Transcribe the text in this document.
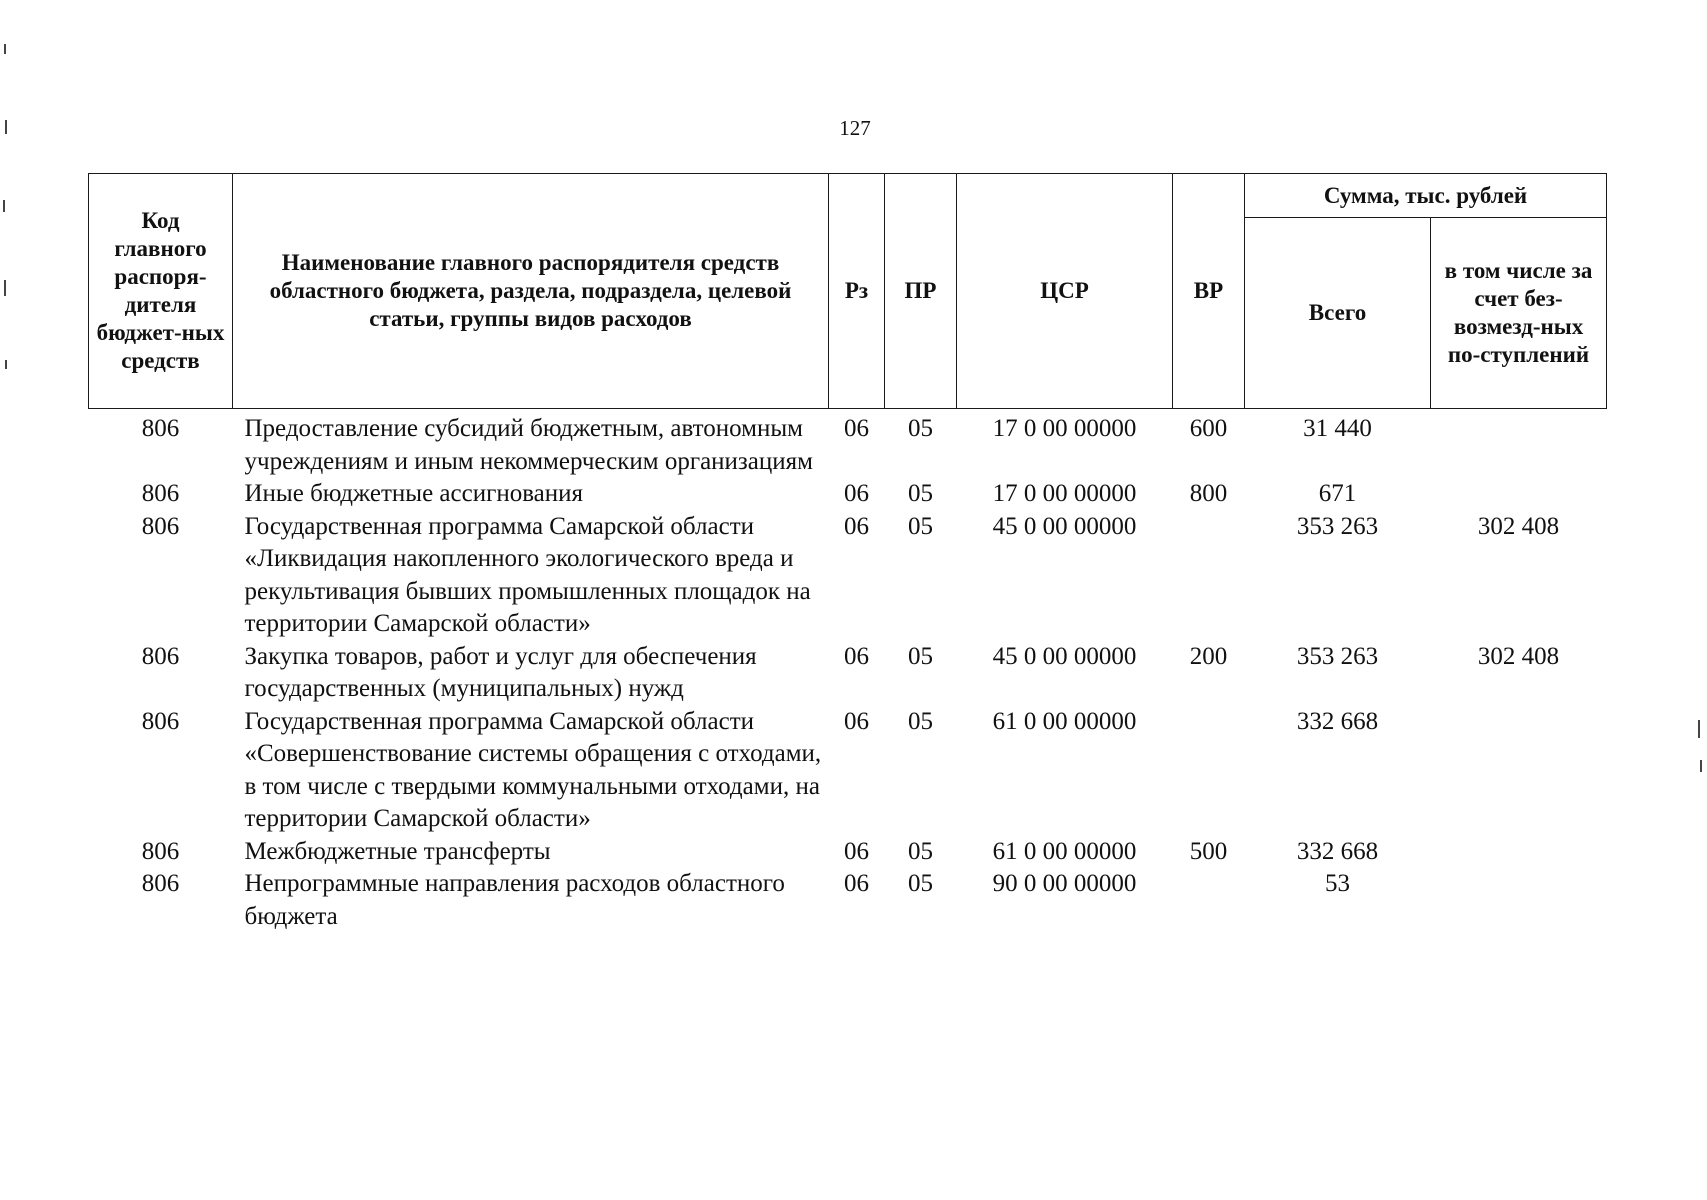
127
Код главного распоря-дителя бюджет-ных средств	Наименование главного распорядителя средств областного бюджета, раздела, подраздела, целевой статьи, группы видов расходов	Рз	ПР	ЦСР	ВР	Сумма, тыс. рублей	
						Всего	в том числе за счет без-возмезд-ных по-ступлений
806	Предоставление субсидий бюджетным, автономным учреждениям и иным некоммерческим организациям	06	05	17 0 00 00000	600	31 440	
806	Иные бюджетные ассигнования	06	05	17 0 00 00000	800	671	
806	Государственная программа Самарской области «Ликвидация накопленного экологического вреда и рекультивация бывших промышленных площадок на территории Самарской области»	06	05	45 0 00 00000		353 263	302 408
806	Закупка товаров, работ и услуг для обеспечения государственных (муниципальных) нужд	06	05	45 0 00 00000	200	353 263	302 408
806	Государственная программа Самарской области «Совершенствование системы обращения с отходами, в том числе с твердыми коммунальными отходами, на территории Самарской области»	06	05	61 0 00 00000		332 668	
806	Межбюджетные трансферты	06	05	61 0 00 00000	500	332 668	
806	Непрограммные направления расходов областного бюджета	06	05	90 0 00 00000		53	
